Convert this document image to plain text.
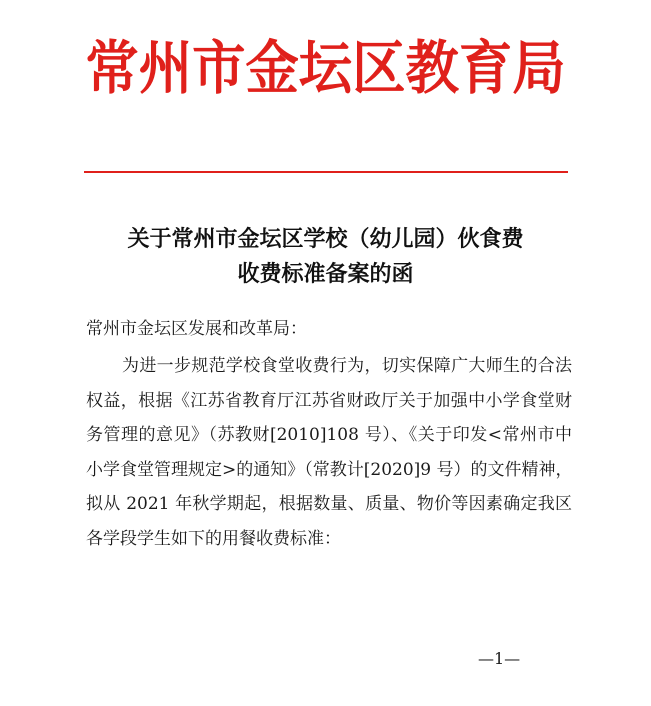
常州市金坛区教育局
关于常州市金坛区学校（幼儿园）伙食费
收费标准备案的函
常州市金坛区发展和改革局：
为进一步规范学校食堂收费行为，切实保障广大师生的合法
权益，根据《江苏省教育厅江苏省财政厅关于加强中小学食堂财
务管理的意见》（苏教财[2010]108 号）、《关于印发<常州市中
小学食堂管理规定>的通知》（常教计[2020]9 号）的文件精神，
拟从 2021 年秋学期起，根据数量、质量、物价等因素确定我区
各学段学生如下的用餐收费标准：
—1—
